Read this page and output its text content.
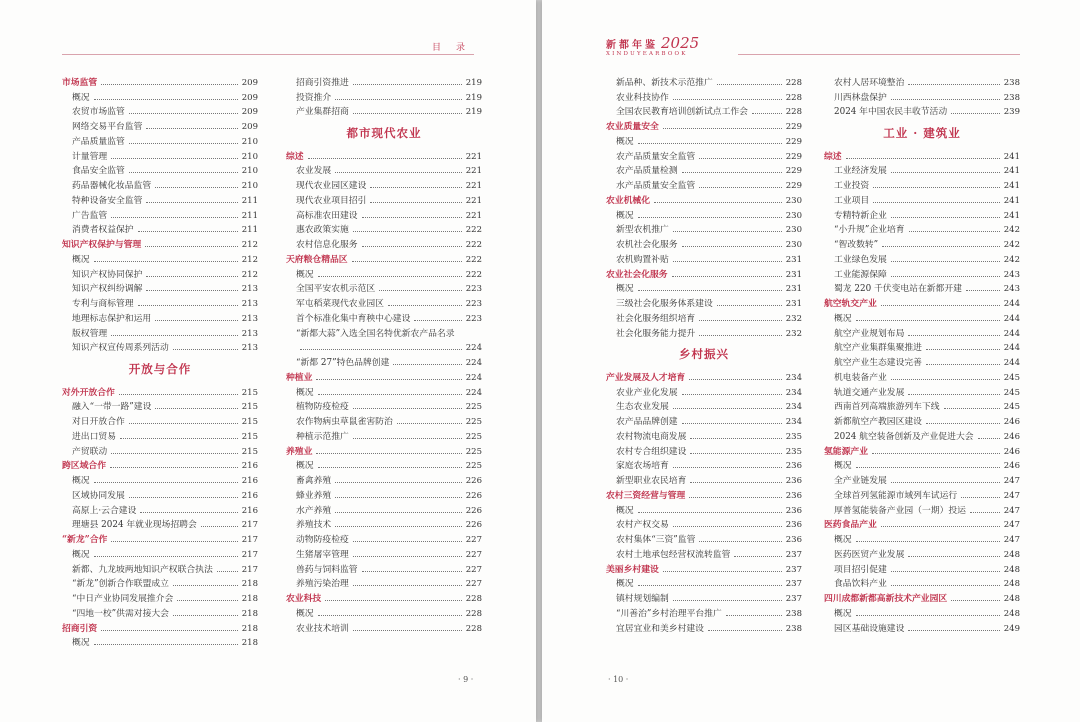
目　录
市场监管	209
概况	209
农贸市场监管	209
网络交易平台监管	209
产品质量监管	210
计量管理	210
食品安全监管	210
药品器械化妆品监管	210
特种设备安全监管	211
广告监管	211
消费者权益保护	211
知识产权保护与管理	212
概况	212
知识产权协同保护	212
知识产权纠纷调解	213
专利与商标管理	213
地理标志保护和运用	213
版权管理	213
知识产权宣传周系列活动	213
开放与合作
对外开放合作	215
融入“一带一路”建设	215
对日开放合作	215
进出口贸易	215
产贸联动	215
跨区域合作	216
概况	216
区域协同发展	216
高原上·云合建设	216
理塘县 2024 年就业现场招聘会	217
“新龙”合作	217
概况	217
新都、九龙坡两地知识产权联合执法	217
“新龙”创新合作联盟成立	218
“中日产业协同发展推介会	218
“四地一校”供需对接大会	218
招商引资	218
概况	218
招商引资推进	219
投资推介	219
产业集群招商	219
都市现代农业
综述	221
农业发展	221
现代农业园区建设	221
现代农业项目招引	221
高标准农田建设	221
惠农政策实施	222
农村信息化服务	222
天府粮仓精品区	222
概况	222
全国平安农机示范区	223
军屯稻菜现代农业园区	223
首个标准化集中育秧中心建设	223
“新都大蒜”入选全国名特优新农产品名录
224
“新都 27”特色品牌创建	224
种植业	224
概况	224
植物防疫检疫	225
农作物病虫草鼠雀害防治	225
种植示范推广	225
养殖业	225
概况	225
畜禽养殖	226
蜂业养殖	226
水产养殖	226
养殖技术	226
动物防疫检疫	227
生猪屠宰管理	227
兽药与饲料监管	227
养殖污染治理	227
农业科技	228
概况	228
农业技术培训	228
· 9 ·
新都年鉴 2025
XINDUYEARBOOK
新品种、新技术示范推广	228
农业科技协作	228
全国农民教育培训创新试点工作会	228
农业质量安全	229
概况	229
农产品质量安全监管	229
农产品质量检测	229
水产品质量安全监管	229
农业机械化	230
概况	230
新型农机推广	230
农机社会化服务	230
农机购置补贴	231
农业社会化服务	231
概况	231
三级社会化服务体系建设	231
社会化服务组织培育	232
社会化服务能力提升	232
乡村振兴
产业发展及人才培育	234
农业产业化发展	234
生态农业发展	234
农产品品牌创建	234
农村物流电商发展	235
农村专合组织建设	235
家庭农场培育	236
新型职业农民培育	236
农村三资经营与管理	236
概况	236
农村产权交易	236
农村集体“三资”监管	236
农村土地承包经营权流转监管	237
美丽乡村建设	237
概况	237
镇村规划编制	237
“川善治”乡村治理平台推广	238
宜居宜业和美乡村建设	238
农村人居环境整治	238
川西林盘保护	238
2024 年中国农民丰收节活动	239
工业 · 建筑业
综述	241
工业经济发展	241
工业投资	241
工业项目	241
专精特新企业	241
“小升规”企业培育	242
“智改数转”	242
工业绿色发展	242
工业能源保障	243
蜀龙 220 千伏变电站在新都开建	243
航空轨交产业	244
概况	244
航空产业规划布局	244
航空产业集群集聚推进	244
航空产业生态建设完善	244
机电装备产业	245
轨道交通产业发展	245
西南首列高端旅游列车下线	245
新都航空产教园区建设	246
2024 航空装备创新及产业促进大会	246
氢能源产业	246
概况	246
全产业链发展	247
全球首列氢能源市域列车试运行	247
厚普氢能装备产业园（一期）投运	247
医药食品产业	247
概况	247
医药医贸产业发展	248
项目招引促建	248
食品饮料产业	248
四川成都新都高新技术产业园区	248
概况	248
园区基础设施建设	249
· 10 ·
